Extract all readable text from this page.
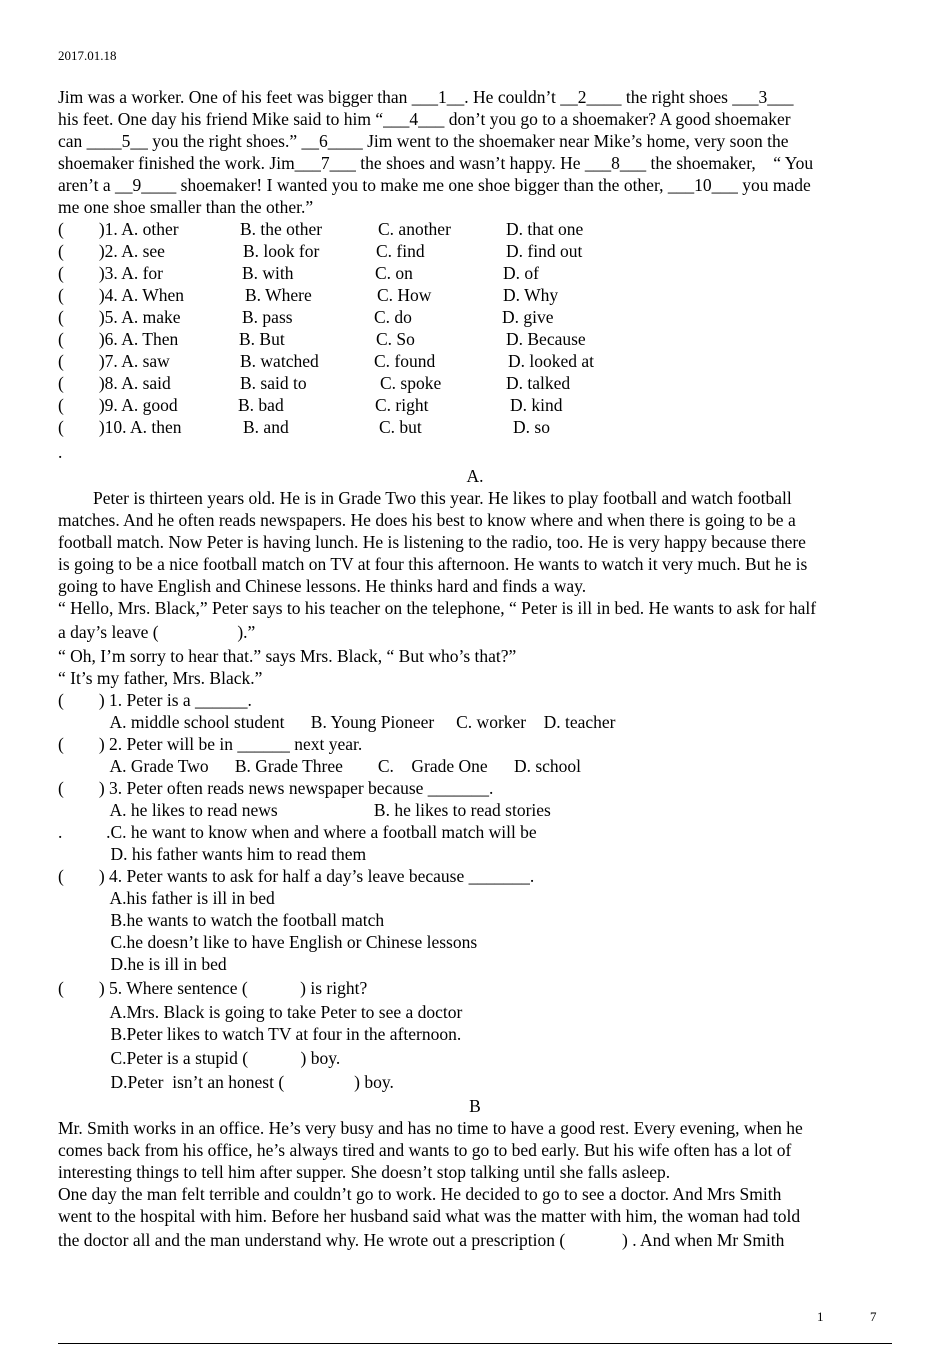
2017.01.18
Jim was a worker. One of his feet was bigger than ___1__. He couldn’t __2____ the right shoes ___3___
his feet. One day his friend Mike said to him “___4___ don’t you go to a shoemaker? A good shoemaker
can ____5__ you the right shoes.” __6____ Jim went to the shoemaker near Mike’s home, very soon the
shoemaker finished the work. Jim___7___ the shoes and wasn’t happy. He ___8___ the shoemaker,    “ You
aren’t a __9____ shoemaker! I wanted you to make me one shoe bigger than the other, ___10___ you made
me one shoe smaller than the other.”
(        )1. A. other	B. the other	C. another	D. that one
(        )2. A. see	B. look for	C. find	D. find out
(        )3. A. for	B. with	C. on	D. of
(        )4. A. When	B. Where	C. How	D. Why
(        )5. A. make	B. pass	C. do	D. give
(        )6. A. Then	B. But	C. So	D. Because
(        )7. A. saw	B. watched	C. found	D. looked at
(        )8. A. said	B. said to	C. spoke	D. talked
(        )9. A. good	B. bad	C. right	D. kind
(        )10. A. then	B. and	C. but	D. so
.
A.
Peter is thirteen years old. He is in Grade Two this year. He likes to play football and watch football
matches. And he often reads newspapers. He does his best to know where and when there is going to be a
football match. Now Peter is having lunch. He is listening to the radio, too. He is very happy because there
is going to be a nice football match on TV at four this afternoon. He wants to watch it very much. But he is
going to have English and Chinese lessons. He thinks hard and finds a way.
“ Hello, Mrs. Black,” Peter says to his teacher on the telephone, “ Peter is ill in bed. He wants to ask for half
a day’s leave (                  ).”
“ Oh, I’m sorry to hear that.” says Mrs. Black, “ But who’s that?”
“ It’s my father, Mrs. Black.”
(        ) 1. Peter is a ______.
A. middle school student      B. Young Pioneer     C. worker    D. teacher
(        ) 2. Peter will be in ______ next year.
A. Grade Two      B. Grade Three        C.    Grade One      D. school
(        ) 3. Peter often reads news newspaper because _______.
A. he likes to read news                      B. he likes to read stories
.          .C. he want to know when and where a football match will be
D. his father wants him to read them
(        ) 4. Peter wants to ask for half a day’s leave because _______.
A.his father is ill in bed
B.he wants to watch the football match
C.he doesn’t like to have English or Chinese lessons
D.he is ill in bed
(        ) 5. Where sentence (            ) is right?
A.Mrs. Black is going to take Peter to see a doctor
B.Peter likes to watch TV at four in the afternoon.
C.Peter is a stupid (            ) boy.
D.Peter  isn’t an honest (                ) boy.
B
Mr. Smith works in an office. He’s very busy and has no time to have a good rest. Every evening, when he
comes back from his office, he’s always tired and wants to go to bed early. But his wife often has a lot of
interesting things to tell him after supper. She doesn’t stop talking until she falls asleep.
One day the man felt terrible and couldn’t go to work. He decided to go to see a doctor. And Mrs Smith
went to the hospital with him. Before her husband said what was the matter with him, the woman had told
the doctor all and the man understand why. He wrote out a prescription (             ) . And when Mr Smith
1	7
